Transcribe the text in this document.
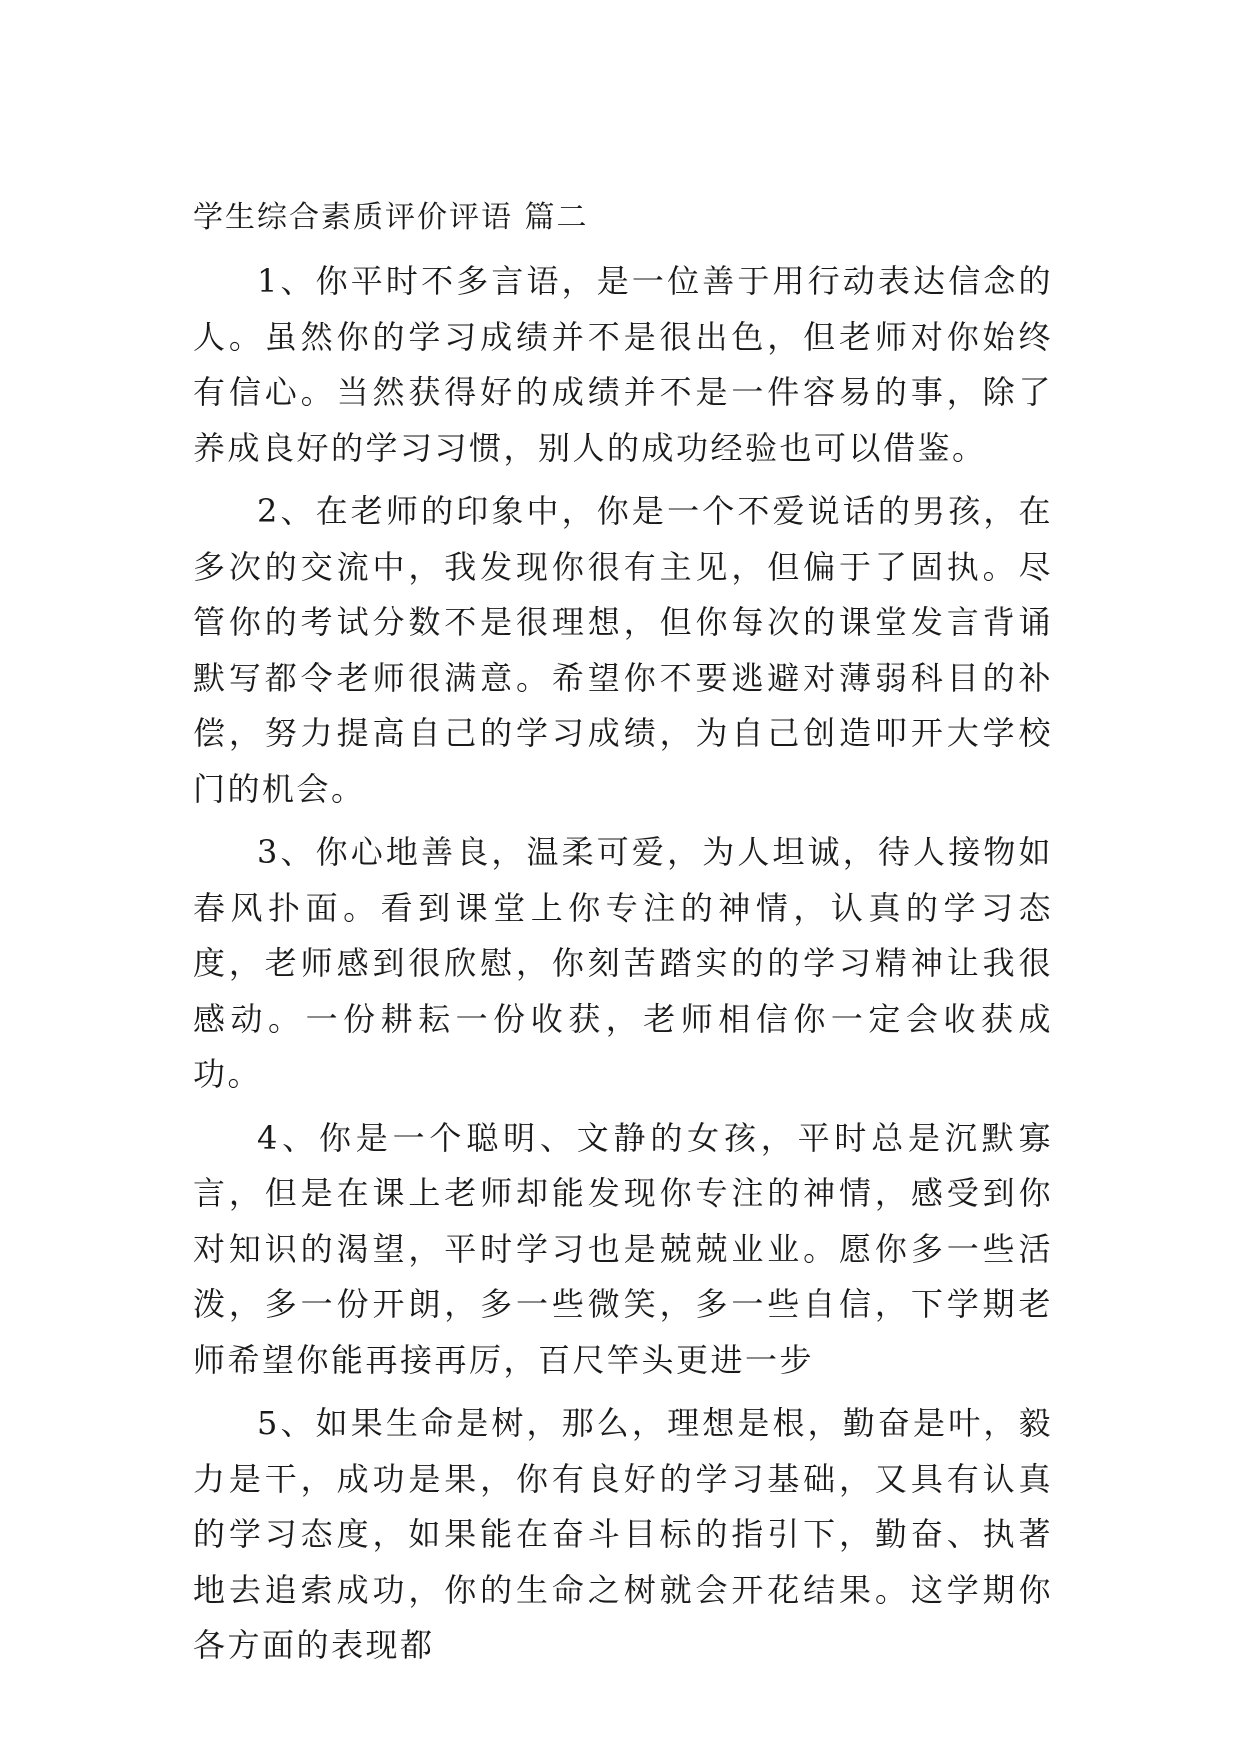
学生综合素质评价评语 篇二

1、你平时不多言语，是一位善于用行动表达信念的人。虽然你的学习成绩并不是很出色，但老师对你始终有信心。当然获得好的成绩并不是一件容易的事，除了养成良好的学习习惯，别人的成功经验也可以借鉴。

2、在老师的印象中，你是一个不爱说话的男孩，在多次的交流中，我发现你很有主见，但偏于了固执。尽管你的考试分数不是很理想，但你每次的课堂发言背诵默写都令老师很满意。希望你不要逃避对薄弱科目的补偿，努力提高自己的学习成绩，为自己创造叩开大学校门的机会。

3、你心地善良，温柔可爱，为人坦诚，待人接物如春风扑面。看到课堂上你专注的神情，认真的学习态度，老师感到很欣慰，你刻苦踏实的的学习精神让我很感动。一份耕耘一份收获，老师相信你一定会收获成功。

4、你是一个聪明、文静的女孩，平时总是沉默寡言，但是在课上老师却能发现你专注的神情，感受到你对知识的渴望，平时学习也是兢兢业业。愿你多一些活泼，多一份开朗，多一些微笑，多一些自信，下学期老师希望你能再接再厉，百尺竿头更进一步

5、如果生命是树，那么，理想是根，勤奋是叶，毅力是干，成功是果，你有良好的学习基础，又具有认真的学习态度，如果能在奋斗目标的指引下，勤奋、执著地去追索成功，你的生命之树就会开花结果。这学期你各方面的表现都
